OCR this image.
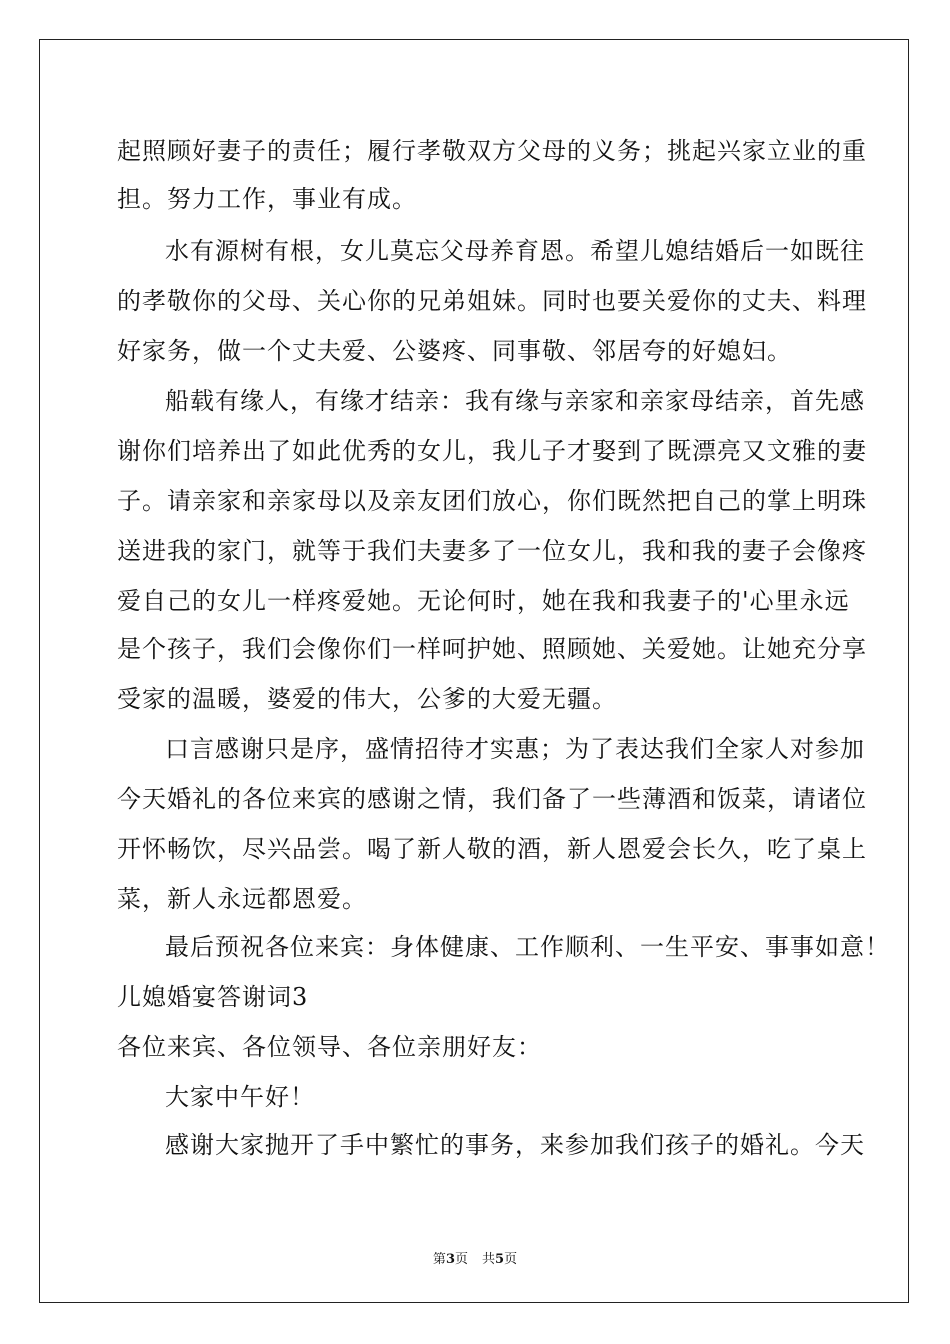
起照顾好妻子的责任；履行孝敬双方父母的义务；挑起兴家立业的重

担。努力工作，事业有成。

水有源树有根，女儿莫忘父母养育恩。希望儿媳结婚后一如既往

的孝敬你的父母、关心你的兄弟姐妹。同时也要关爱你的丈夫、料理

好家务，做一个丈夫爱、公婆疼、同事敬、邻居夸的好媳妇。

船载有缘人，有缘才结亲：我有缘与亲家和亲家母结亲，首先感

谢你们培养出了如此优秀的女儿，我儿子才娶到了既漂亮又文雅的妻

子。请亲家和亲家母以及亲友团们放心，你们既然把自己的掌上明珠

送进我的家门，就等于我们夫妻多了一位女儿，我和我的妻子会像疼

爱自己的女儿一样疼爱她。无论何时，她在我和我妻子的'心里永远

是个孩子，我们会像你们一样呵护她、照顾她、关爱她。让她充分享

受家的温暖，婆爱的伟大，公爹的大爱无疆。

口言感谢只是序，盛情招待才实惠；为了表达我们全家人对参加

今天婚礼的各位来宾的感谢之情，我们备了一些薄酒和饭菜，请诸位

开怀畅饮，尽兴品尝。喝了新人敬的酒，新人恩爱会长久，吃了桌上

菜，新人永远都恩爱。

最后预祝各位来宾：身体健康、工作顺利、一生平安、事事如意！

儿媳婚宴答谢词3

各位来宾、各位领导、各位亲朋好友：

大家中午好！

感谢大家抛开了手中繁忙的事务，来参加我们孩子的婚礼。今天

第3页 共5页
